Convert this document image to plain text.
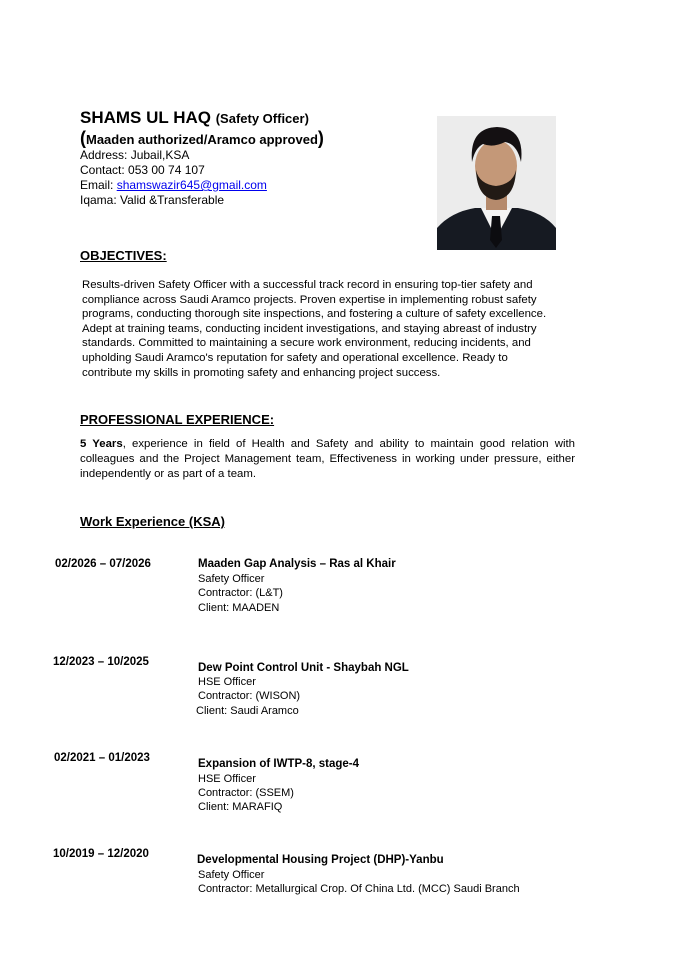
SHAMS UL HAQ (Safety Officer)
(Maaden authorized/Aramco approved)
Address: Jubail,KSA
Contact: 053 00 74 107
Email: shamswazir645@gmail.com
Iqama: Valid &Transferable
OBJECTIVES:
Results-driven Safety Officer with a successful track record in ensuring top-tier safety and
compliance across Saudi Aramco projects. Proven expertise in implementing robust safety
programs, conducting thorough site inspections, and fostering a culture of safety excellence.
Adept at training teams, conducting incident investigations, and staying abreast of industry
standards. Committed to maintaining a secure work environment, reducing incidents, and
upholding Saudi Aramco's reputation for safety and operational excellence. Ready to
contribute my skills in promoting safety and enhancing project success.
PROFESSIONAL EXPERIENCE:
5 Years, experience in field of Health and Safety and ability to maintain good relation with colleagues and the Project Management team, Effectiveness in working under pressure, either independently or as part of a team.
Work Experience (KSA)
02/2026 – 07/2026	Maaden Gap Analysis – Ras al Khair
Safety Officer
Contractor: (L&T)
Client: MAADEN
12/2023 – 10/2025	Dew Point Control Unit - Shaybah NGL
HSE Officer
Contractor: (WISON)
Client: Saudi Aramco
02/2021 – 01/2023	Expansion of IWTP-8, stage-4
HSE Officer
Contractor: (SSEM)
Client: MARAFIQ
10/2019 – 12/2020	Developmental Housing Project (DHP)-Yanbu
Safety Officer
Contractor: Metallurgical Crop. Of China Ltd. (MCC) Saudi Branch
